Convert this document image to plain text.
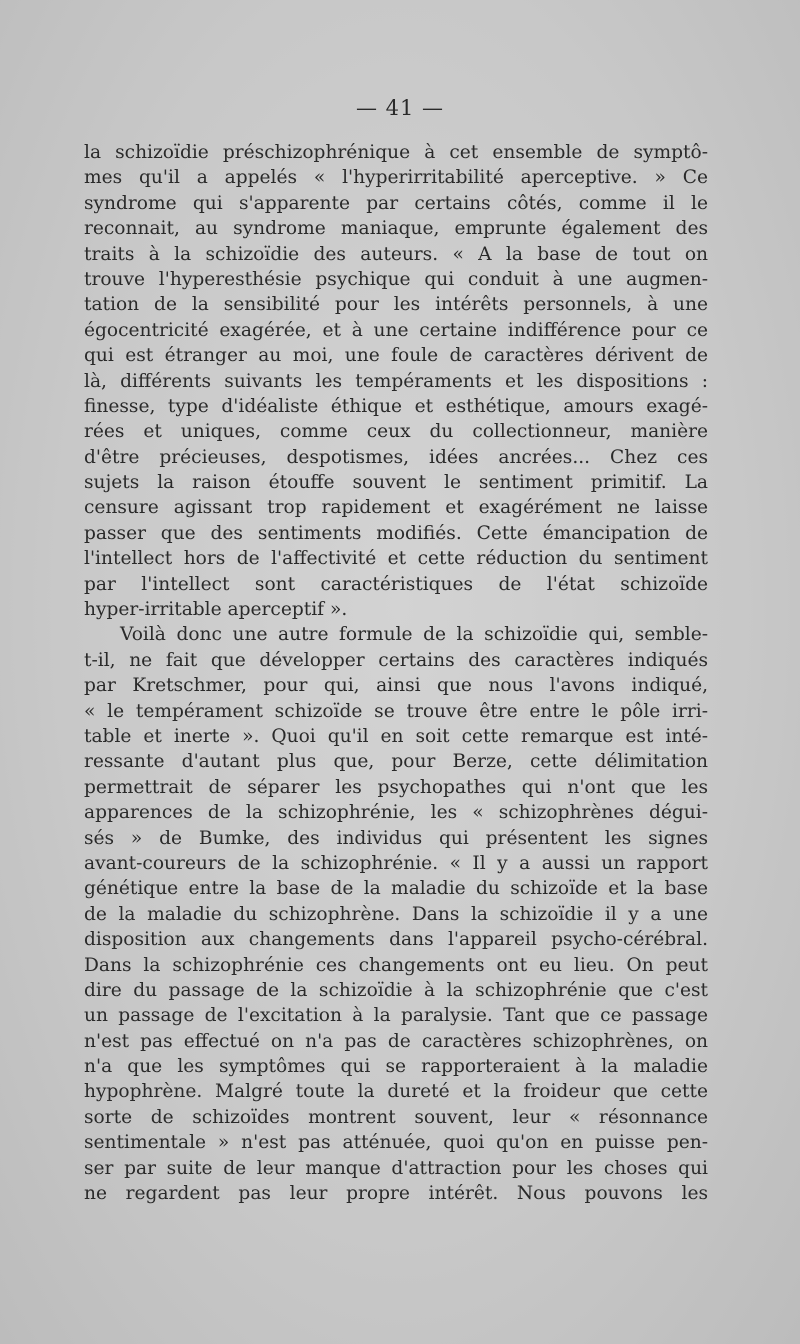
— 41 —
la schizoïdie préschizophrénique à cet ensemble de symptô-
mes qu'il a appelés « l'hyperirritabilité aperceptive. » Ce
syndrome qui s'apparente par certains côtés, comme il le
reconnait, au syndrome maniaque, emprunte également des
traits à la schizoïdie des auteurs. « A la base de tout on
trouve l'hyperesthésie psychique qui conduit à une augmen-
tation de la sensibilité pour les intérêts personnels, à une
égocentricité exagérée, et à une certaine indifférence pour ce
qui est étranger au moi, une foule de caractères dérivent de
là, différents suivants les tempéraments et les dispositions :
finesse, type d'idéaliste éthique et esthétique, amours exagé-
rées et uniques, comme ceux du collectionneur, manière
d'être précieuses, despotismes, idées ancrées... Chez ces
sujets la raison étouffe souvent le sentiment primitif. La
censure agissant trop rapidement et exagérément ne laisse
passer que des sentiments modifiés. Cette émancipation de
l'intellect hors de l'affectivité et cette réduction du sentiment
par l'intellect sont caractéristiques de l'état schizoïde
hyper-irritable aperceptif ».
Voilà donc une autre formule de la schizoïdie qui, semble-
t-il, ne fait que développer certains des caractères indiqués
par Kretschmer, pour qui, ainsi que nous l'avons indiqué,
« le tempérament schizoïde se trouve être entre le pôle irri-
table et inerte ». Quoi qu'il en soit cette remarque est inté-
ressante d'autant plus que, pour Berze, cette délimitation
permettrait de séparer les psychopathes qui n'ont que les
apparences de la schizophrénie, les « schizophrènes dégui-
sés » de Bumke, des individus qui présentent les signes
avant-coureurs de la schizophrénie. « Il y a aussi un rapport
génétique entre la base de la maladie du schizoïde et la base
de la maladie du schizophrène. Dans la schizoïdie il y a une
disposition aux changements dans l'appareil psycho-cérébral.
Dans la schizophrénie ces changements ont eu lieu. On peut
dire du passage de la schizoïdie à la schizophrénie que c'est
un passage de l'excitation à la paralysie. Tant que ce passage
n'est pas effectué on n'a pas de caractères schizophrènes, on
n'a que les symptômes qui se rapporteraient à la maladie
hypophrène. Malgré toute la dureté et la froideur que cette
sorte de schizoïdes montrent souvent, leur « résonnance
sentimentale » n'est pas atténuée, quoi qu'on en puisse pen-
ser par suite de leur manque d'attraction pour les choses qui
ne regardent pas leur propre intérêt. Nous pouvons les
